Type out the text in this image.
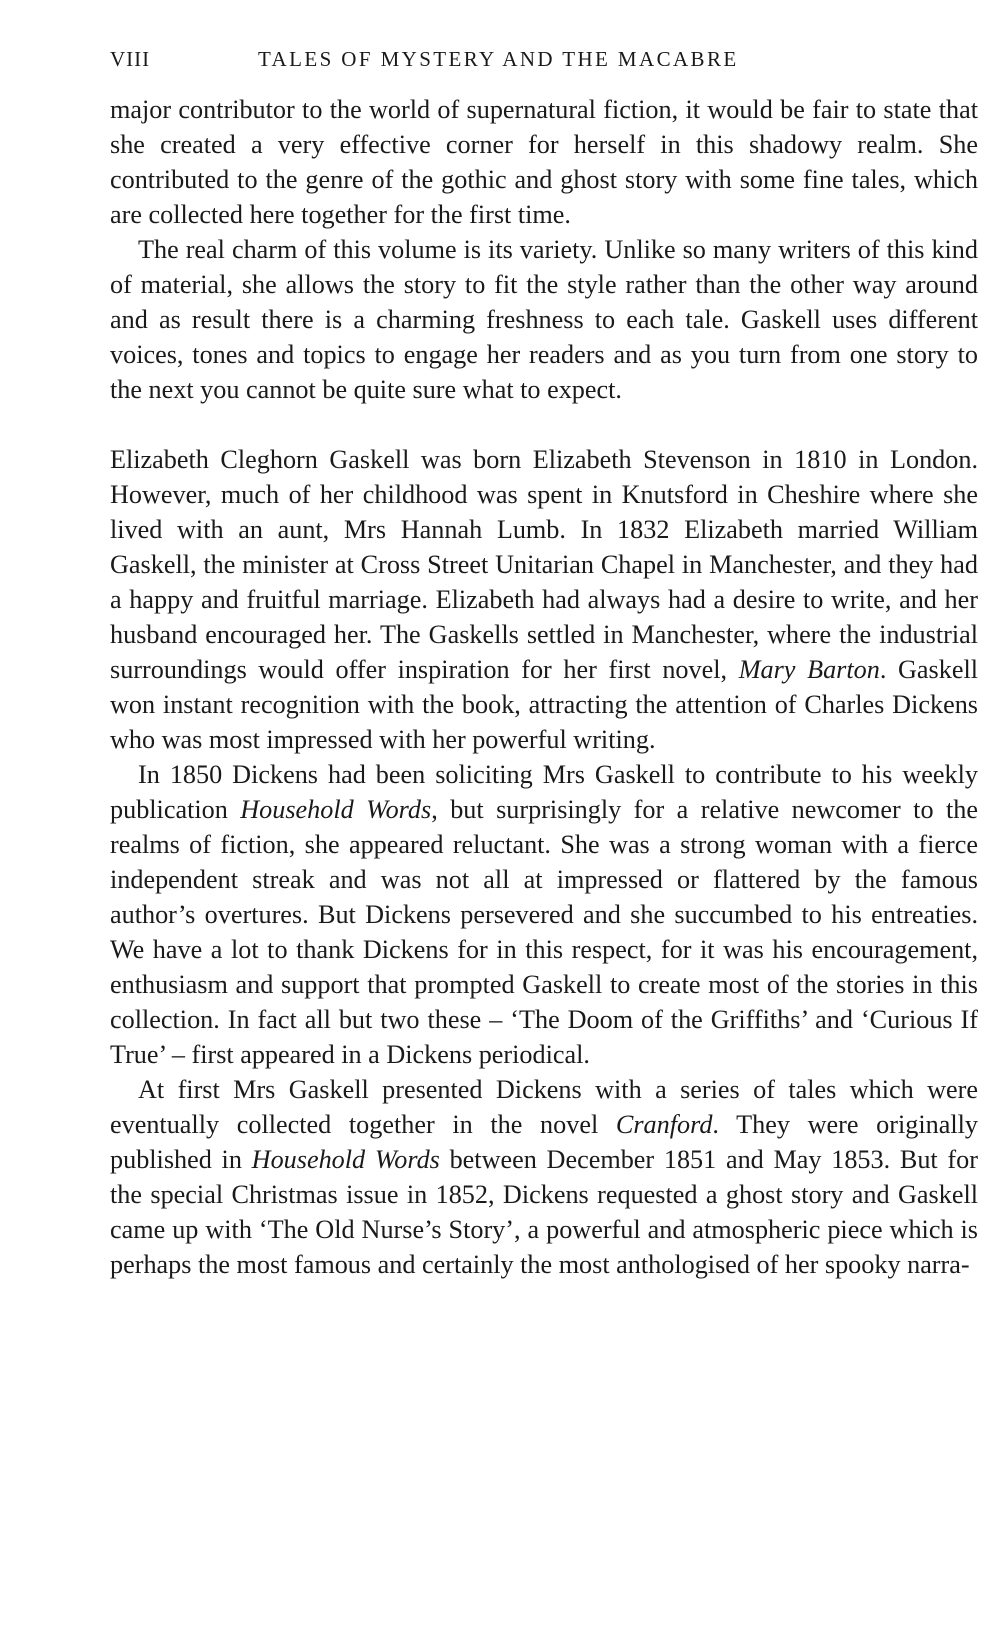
VIII	TALES OF MYSTERY AND THE MACABRE

major contributor to the world of supernatural fiction, it would be fair to state that she created a very effective corner for herself in this shadowy realm. She contributed to the genre of the gothic and ghost story with some fine tales, which are collected here together for the first time.

The real charm of this volume is its variety. Unlike so many writers of this kind of material, she allows the story to fit the style rather than the other way around and as result there is a charming freshness to each tale. Gaskell uses different voices, tones and topics to engage her readers and as you turn from one story to the next you cannot be quite sure what to expect.

Elizabeth Cleghorn Gaskell was born Elizabeth Stevenson in 1810 in London. However, much of her childhood was spent in Knutsford in Cheshire where she lived with an aunt, Mrs Hannah Lumb. In 1832 Elizabeth married William Gaskell, the minister at Cross Street Unitarian Chapel in Manchester, and they had a happy and fruitful marriage. Elizabeth had always had a desire to write, and her husband encouraged her. The Gaskells settled in Manchester, where the industrial surroundings would offer inspiration for her first novel, Mary Barton. Gaskell won instant recognition with the book, attracting the attention of Charles Dickens who was most impressed with her powerful writing.

In 1850 Dickens had been soliciting Mrs Gaskell to contribute to his weekly publication Household Words, but surprisingly for a relative newcomer to the realms of fiction, she appeared reluctant. She was a strong woman with a fierce independent streak and was not all at impressed or flattered by the famous author’s overtures. But Dickens persevered and she succumbed to his entreaties. We have a lot to thank Dickens for in this respect, for it was his encouragement, enthusiasm and support that prompted Gaskell to create most of the stories in this collection. In fact all but two these – ‘The Doom of the Griffiths’ and ‘Curious If True’ – first appeared in a Dickens periodical.

At first Mrs Gaskell presented Dickens with a series of tales which were eventually collected together in the novel Cranford. They were originally published in Household Words between December 1851 and May 1853. But for the special Christmas issue in 1852, Dickens requested a ghost story and Gaskell came up with ‘The Old Nurse’s Story’, a powerful and atmospheric piece which is perhaps the most famous and certainly the most anthologised of her spooky narra-
